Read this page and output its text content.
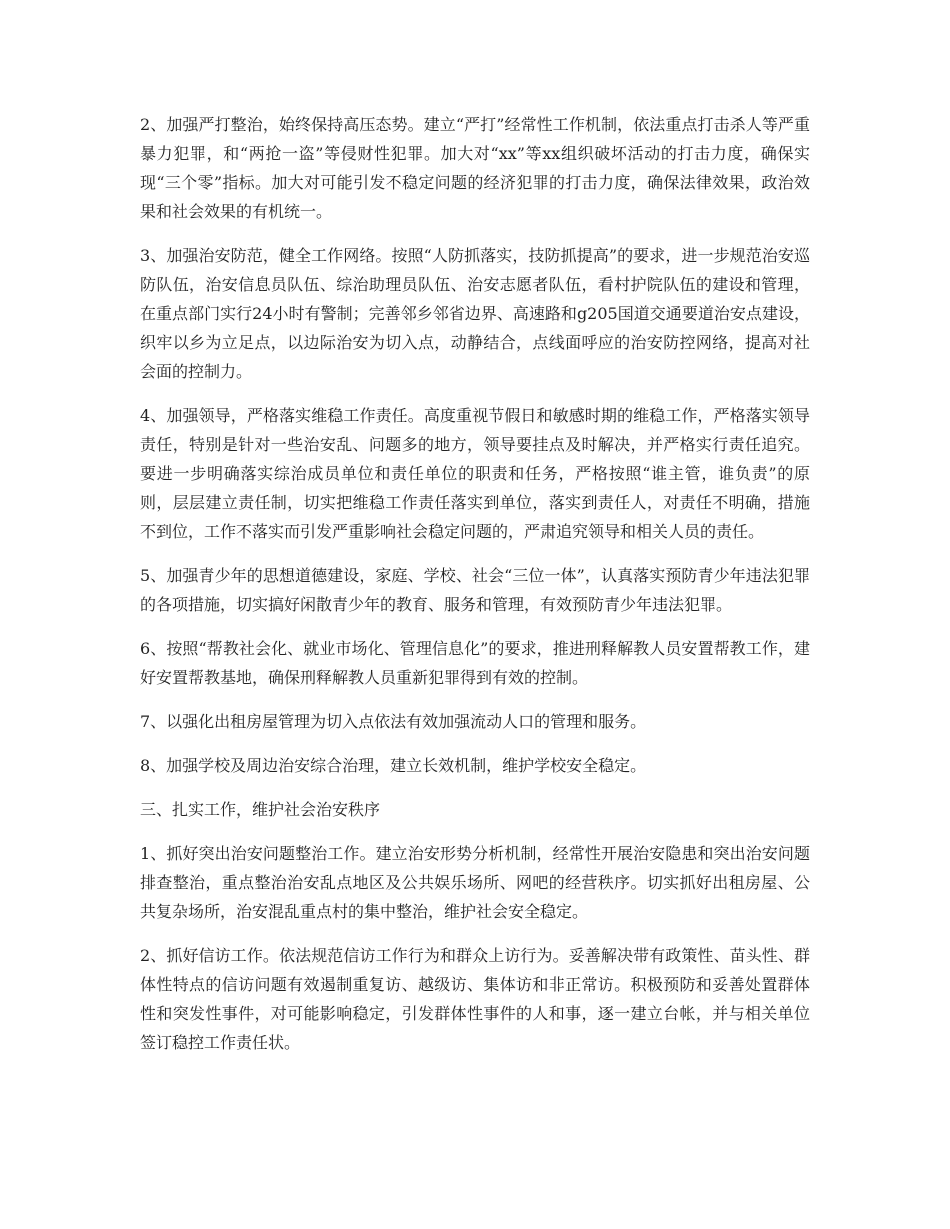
2、加强严打整治，始终保持高压态势。建立“严打”经常性工作机制，依法重点打击杀人等严重暴力犯罪，和“两抢一盗”等侵财性犯罪。加大对“xx”等xx组织破坏活动的打击力度，确保实现“三个零”指标。加大对可能引发不稳定问题的经济犯罪的打击力度，确保法律效果，政治效果和社会效果的有机统一。

3、加强治安防范，健全工作网络。按照“人防抓落实，技防抓提高”的要求，进一步规范治安巡防队伍，治安信息员队伍、综治助理员队伍、治安志愿者队伍，看村护院队伍的建设和管理，在重点部门实行24小时有警制；完善邻乡邻省边界、高速路和g205国道交通要道治安点建设，织牢以乡为立足点，以边际治安为切入点，动静结合，点线面呼应的治安防控网络，提高对社会面的控制力。

4、加强领导，严格落实维稳工作责任。高度重视节假日和敏感时期的维稳工作，严格落实领导责任，特别是针对一些治安乱、问题多的地方，领导要挂点及时解决，并严格实行责任追究。要进一步明确落实综治成员单位和责任单位的职责和任务，严格按照“谁主管，谁负责”的原则，层层建立责任制，切实把维稳工作责任落实到单位，落实到责任人，对责任不明确，措施不到位，工作不落实而引发严重影响社会稳定问题的，严肃追究领导和相关人员的责任。

5、加强青少年的思想道德建设，家庭、学校、社会“三位一体”，认真落实预防青少年违法犯罪的各项措施，切实搞好闲散青少年的教育、服务和管理，有效预防青少年违法犯罪。

6、按照“帮教社会化、就业市场化、管理信息化”的要求，推进刑释解教人员安置帮教工作，建好安置帮教基地，确保刑释解教人员重新犯罪得到有效的控制。

7、以强化出租房屋管理为切入点依法有效加强流动人口的管理和服务。

8、加强学校及周边治安综合治理，建立长效机制，维护学校安全稳定。

三、扎实工作，维护社会治安秩序

1、抓好突出治安问题整治工作。建立治安形势分析机制，经常性开展治安隐患和突出治安问题排查整治，重点整治治安乱点地区及公共娱乐场所、网吧的经营秩序。切实抓好出租房屋、公共复杂场所，治安混乱重点村的集中整治，维护社会安全稳定。

2、抓好信访工作。依法规范信访工作行为和群众上访行为。妥善解决带有政策性、苗头性、群体性特点的信访问题有效遏制重复访、越级访、集体访和非正常访。积极预防和妥善处置群体性和突发性事件，对可能影响稳定，引发群体性事件的人和事，逐一建立台帐，并与相关单位签订稳控工作责任状。
